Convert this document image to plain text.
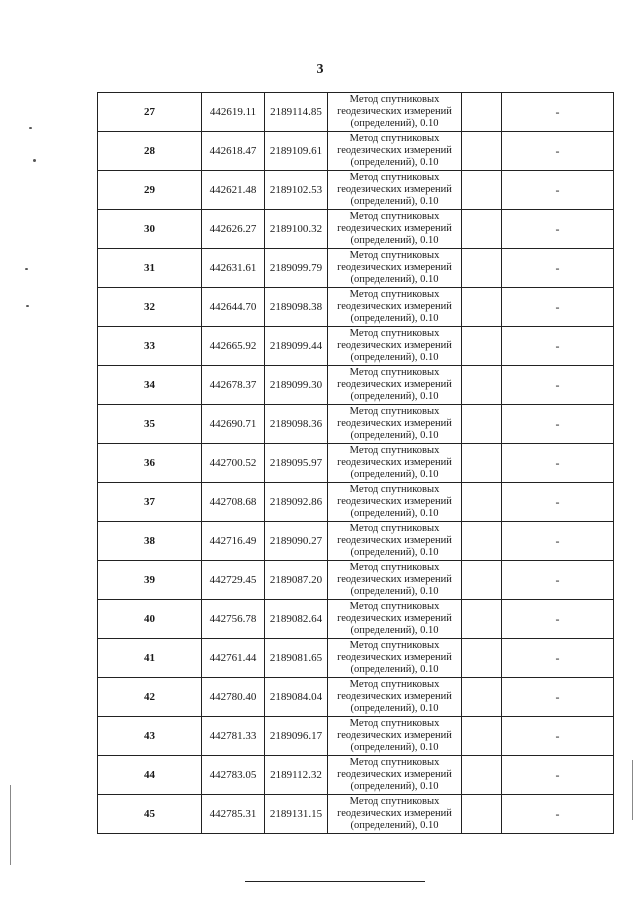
3
27	442619.11	2189114.85	Метод спутниковых
геодезических измерений
(определений), 0.10		-
28	442618.47	2189109.61	Метод спутниковых
геодезических измерений
(определений), 0.10		-
29	442621.48	2189102.53	Метод спутниковых
геодезических измерений
(определений), 0.10		-
30	442626.27	2189100.32	Метод спутниковых
геодезических измерений
(определений), 0.10		-
31	442631.61	2189099.79	Метод спутниковых
геодезических измерений
(определений), 0.10		-
32	442644.70	2189098.38	Метод спутниковых
геодезических измерений
(определений), 0.10		-
33	442665.92	2189099.44	Метод спутниковых
геодезических измерений
(определений), 0.10		-
34	442678.37	2189099.30	Метод спутниковых
геодезических измерений
(определений), 0.10		-
35	442690.71	2189098.36	Метод спутниковых
геодезических измерений
(определений), 0.10		-
36	442700.52	2189095.97	Метод спутниковых
геодезических измерений
(определений), 0.10		-
37	442708.68	2189092.86	Метод спутниковых
геодезических измерений
(определений), 0.10		-
38	442716.49	2189090.27	Метод спутниковых
геодезических измерений
(определений), 0.10		-
39	442729.45	2189087.20	Метод спутниковых
геодезических измерений
(определений), 0.10		-
40	442756.78	2189082.64	Метод спутниковых
геодезических измерений
(определений), 0.10		-
41	442761.44	2189081.65	Метод спутниковых
геодезических измерений
(определений), 0.10		-
42	442780.40	2189084.04	Метод спутниковых
геодезических измерений
(определений), 0.10		-
43	442781.33	2189096.17	Метод спутниковых
геодезических измерений
(определений), 0.10		-
44	442783.05	2189112.32	Метод спутниковых
геодезических измерений
(определений), 0.10		-
45	442785.31	2189131.15	Метод спутниковых
геодезических измерений
(определений), 0.10		-
